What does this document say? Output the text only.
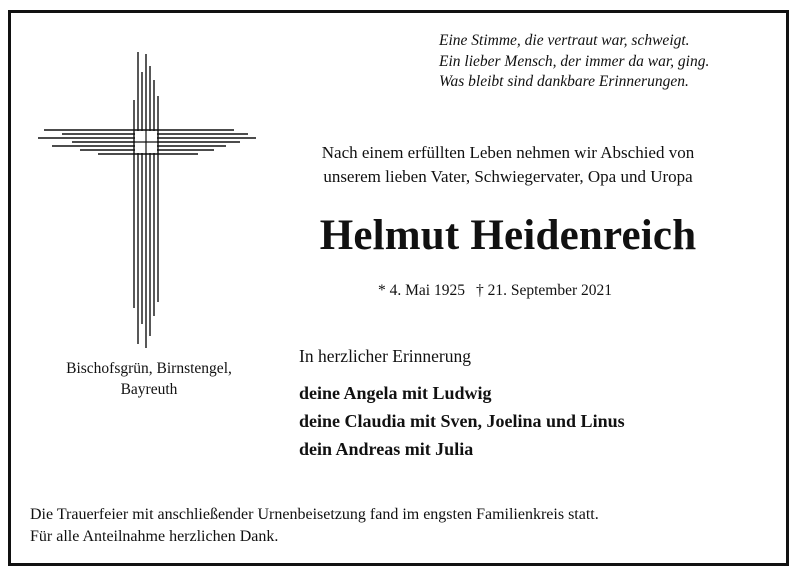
Eine Stimme, die vertraut war, schweigt.
Ein lieber Mensch, der immer da war, ging.
Was bleibt sind dankbare Erinnerungen.
Bischofsgrün, Birnstengel,
Bayreuth
Nach einem erfüllten Leben nehmen wir Abschied von
unserem lieben Vater, Schwiegervater, Opa und Uropa
Helmut Heidenreich
* 4. Mai 1925 † 21. September 2021
In herzlicher Erinnerung
deine Angela mit Ludwig
deine Claudia mit Sven, Joelina und Linus
dein Andreas mit Julia
Die Trauerfeier mit anschließender Urnenbeisetzung fand im engsten Familienkreis statt.
Für alle Anteilnahme herzlichen Dank.
